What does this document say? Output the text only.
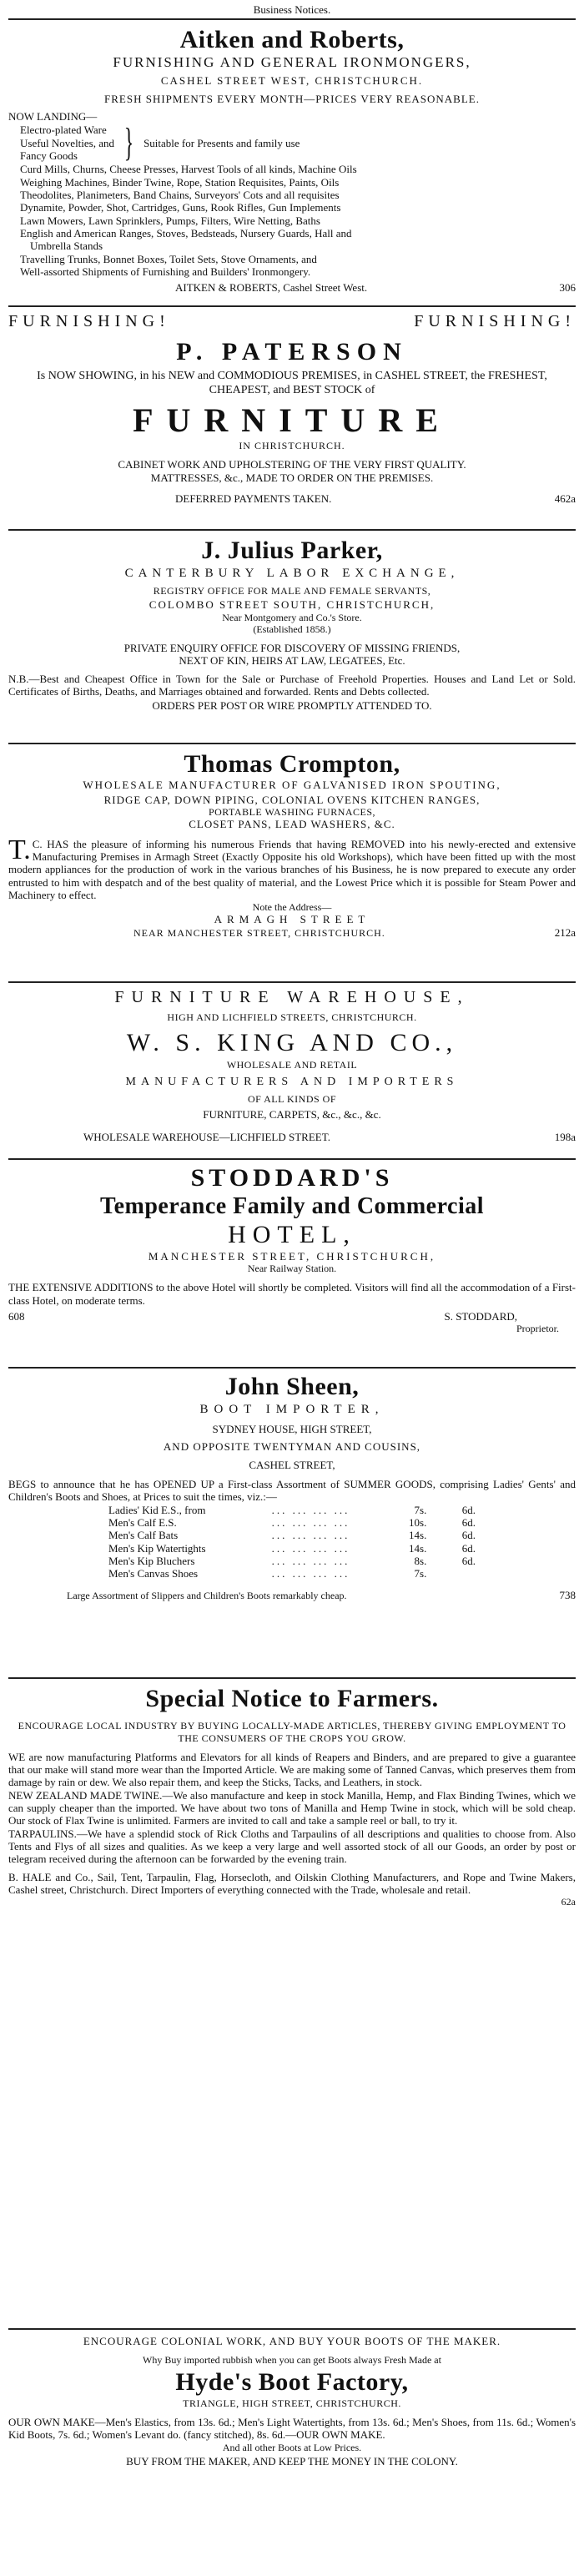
Business Notices.
Aitken and Roberts,
FURNISHING AND GENERAL IRONMONGERS,
CASHEL STREET WEST, CHRISTCHURCH.
FRESH SHIPMENTS EVERY MONTH—PRICES VERY REASONABLE.
NOW LANDING—

Electro-plated Ware

Useful Novelties, and

Fancy Goods	} Suitable for Presents and family use

Curd Mills, Churns, Cheese Presses, Harvest Tools of all kinds, Machine Oils

Weighing Machines, Binder Twine, Rope, Station Requisites, Paints, Oils

Theodolites, Planimeters, Band Chains, Surveyors' Cots and all requisites

Dynamite, Powder, Shot, Cartridges, Guns, Rook Rifles, Gun Implements

Lawn Mowers, Lawn Sprinklers, Pumps, Filters, Wire Netting, Baths

English and American Ranges, Stoves, Bedsteads, Nursery Guards, Hall and

Umbrella Stands

Travelling Trunks, Bonnet Boxes, Toilet Sets, Stove Ornaments, and

Well-assorted Shipments of Furnishing and Builders' Ironmongery.

AITKEN & ROBERTS, Cashel Street West.	306
FURNISHING!	FURNISHING!
P. PATERSON
Is NOW SHOWING, in his NEW and COMMODIOUS PREMISES, in CASHEL STREET, the FRESHEST, CHEAPEST, and BEST STOCK of
FURNITURE
IN CHRISTCHURCH.
CABINET WORK AND UPHOLSTERING OF THE VERY FIRST QUALITY.
MATTRESSES, &c., MADE TO ORDER ON THE PREMISES.
DEFERRED PAYMENTS TAKEN.	462a
J. Julius Parker,
CANTERBURY LABOR EXCHANGE,
REGISTRY OFFICE FOR MALE AND FEMALE SERVANTS,
COLOMBO STREET SOUTH, CHRISTCHURCH,
Near Montgomery and Co.'s Store.
(Established 1858.)
PRIVATE ENQUIRY OFFICE FOR DISCOVERY OF MISSING FRIENDS,
NEXT OF KIN, HEIRS AT LAW, LEGATEES, Etc.
N.B.—Best and Cheapest Office in Town for the Sale or Purchase of Freehold Properties. Houses and Land Let or Sold. Certificates of Births, Deaths, and Marriages obtained and forwarded. Rents and Debts collected.
ORDERS PER POST OR WIRE PROMPTLY ATTENDED TO.
Thomas Crompton,
WHOLESALE MANUFACTURER OF GALVANISED IRON SPOUTING,
RIDGE CAP, DOWN PIPING, COLONIAL OVENS KITCHEN RANGES,
PORTABLE WASHING FURNACES,
CLOSET PANS, LEAD WASHERS, &C.
T. C. HAS the pleasure of informing his numerous Friends that having REMOVED into his newly-erected and extensive Manufacturing Premises in Armagh Street (Exactly Opposite his old Workshops), which have been fitted up with the most modern appliances for the production of work in the various branches of his Business, he is now prepared to execute any order entrusted to him with despatch and of the best quality of material, and the Lowest Price which it is possible for Steam Power and Machinery to effect.
Note the Address—
ARMAGH STREET
NEAR MANCHESTER STREET, CHRISTCHURCH.	212a
FURNITURE WAREHOUSE,
HIGH AND LICHFIELD STREETS, CHRISTCHURCH.
W. S. KING AND CO.,
WHOLESALE AND RETAIL
MANUFACTURERS AND IMPORTERS
OF ALL KINDS OF
FURNITURE, CARPETS, &c., &c., &c.
WHOLESALE WAREHOUSE—LICHFIELD STREET.	198a
STODDARD'S
Temperance Family and Commercial
HOTEL,
MANCHESTER STREET, CHRISTCHURCH,
Near Railway Station.
THE EXTENSIVE ADDITIONS to the above Hotel will shortly be completed. Visitors will find all the accommodation of a First-class Hotel, on moderate terms.
608	S. STODDARD,
Proprietor.
John Sheen,
BOOT IMPORTER,
SYDNEY HOUSE, HIGH STREET,
AND OPPOSITE TWENTYMAN AND COUSINS,
CASHEL STREET,
BEGS to announce that he has OPENED UP a First-class Assortment of SUMMER GOODS, comprising Ladies' Gents' and Children's Boots and Shoes, at Prices to suit the times, viz.:—
Ladies' Kid E.S., from	... ... ... ...	7s.	6d.
Men's Calf E.S.	... ... ... ...	10s.	6d.
Men's Calf Bats	... ... ... ...	14s.	6d.
Men's Kip Watertights	... ... ... ...	14s.	6d.
Men's Kip Bluchers	... ... ... ...	8s.	6d.
Men's Canvas Shoes	... ... ... ...	7s.
Large Assortment of Slippers and Children's Boots remarkably cheap.	738
Special Notice to Farmers.
ENCOURAGE LOCAL INDUSTRY BY BUYING LOCALLY-MADE ARTICLES, THEREBY GIVING EMPLOYMENT TO THE CONSUMERS OF THE CROPS YOU GROW.
WE are now manufacturing Platforms and Elevators for all kinds of Reapers and Binders, and are prepared to give a guarantee that our make will stand more wear than the Imported Article. We are making some of Tanned Canvas, which preserves them from damage by rain or dew. We also repair them, and keep the Sticks, Tacks, and Leathers, in stock.
NEW ZEALAND MADE TWINE.—We also manufacture and keep in stock Manilla, Hemp, and Flax Binding Twines, which we can supply cheaper than the imported. We have about two tons of Manilla and Hemp Twine in stock, which will be sold cheap. Our stock of Flax Twine is unlimited. Farmers are invited to call and take a sample reel or ball, to try it.
TARPAULINS.—We have a splendid stock of Rick Cloths and Tarpaulins of all descriptions and qualities to choose from. Also Tents and Flys of all sizes and qualities. As we keep a very large and well assorted stock of all our Goods, an order by post or telegram received during the afternoon can be forwarded by the evening train.
B. HALE and Co., Sail, Tent, Tarpaulin, Flag, Horsecloth, and Oilskin Clothing Manufacturers, and Rope and Twine Makers, Cashel street, Christchurch. Direct Importers of everything connected with the Trade, wholesale and retail.
62a
ENCOURAGE COLONIAL WORK, AND BUY YOUR BOOTS OF THE MAKER.
Why Buy imported rubbish when you can get Boots always Fresh Made at
Hyde's Boot Factory,
TRIANGLE, HIGH STREET, CHRISTCHURCH.
OUR OWN MAKE—Men's Elastics, from 13s. 6d.; Men's Light Watertights, from 13s. 6d.; Men's Shoes, from 11s. 6d.; Women's Kid Boots, 7s. 6d.; Women's Levant do. (fancy stitched), 8s. 6d.—OUR OWN MAKE.
And all other Boots at Low Prices.
BUY FROM THE MAKER, AND KEEP THE MONEY IN THE COLONY.
